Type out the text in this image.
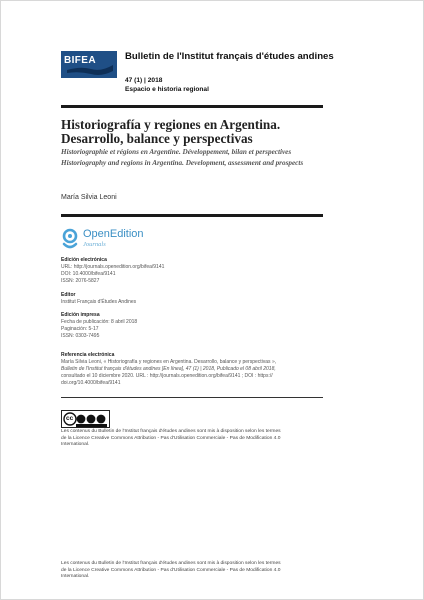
BIFEA	Bulletin de l'Institut français d'études andines
47 (1) | 2018
Espacio e historia regional
Historiografía y regiones en Argentina. Desarrollo, balance y perspectivas
Historiographie et régions en Argentine. Développement, bilan et perspectives
Historiography and regions in Argentina. Development, assessment and prospects
María Silvia Leoni
OpenEdition
Journals
Edición electrónica
URL: http://journals.openedition.org/bifea/9141
DOI: 10.4000/bifea/9141
ISSN: 2076-5827
Editor
Institut Français d'Études Andines
Edición impresa
Fecha de publicación: 8 abril 2018
Paginación: 5-17
ISSN: 0303-7495
Referencia electrónica
María Silvia Leoni, « Historiografía y regiones en Argentina. Desarrollo, balance y perspectivas »,
Bulletin de l'Institut français d'études andines [En línea], 47 (1) | 2018, Publicado el 08 abril 2018,
consultado el 10 diciembre 2020. URL : http://journals.openedition.org/bifea/9141 ; DOI : https://
doi.org/10.4000/bifea/9141
cc
Les contenus du Bulletin de l'Institut français d'études andines sont mis à disposition selon les termes
de la Licence Creative Commons Attribution - Pas d'Utilisation Commerciale - Pas de Modification 4.0
International.
Les contenus du Bulletin de l'Institut français d'études andines sont mis à disposition selon les termes
de la Licence Creative Commons Attribution - Pas d'Utilisation Commerciale - Pas de Modification 4.0
International.
